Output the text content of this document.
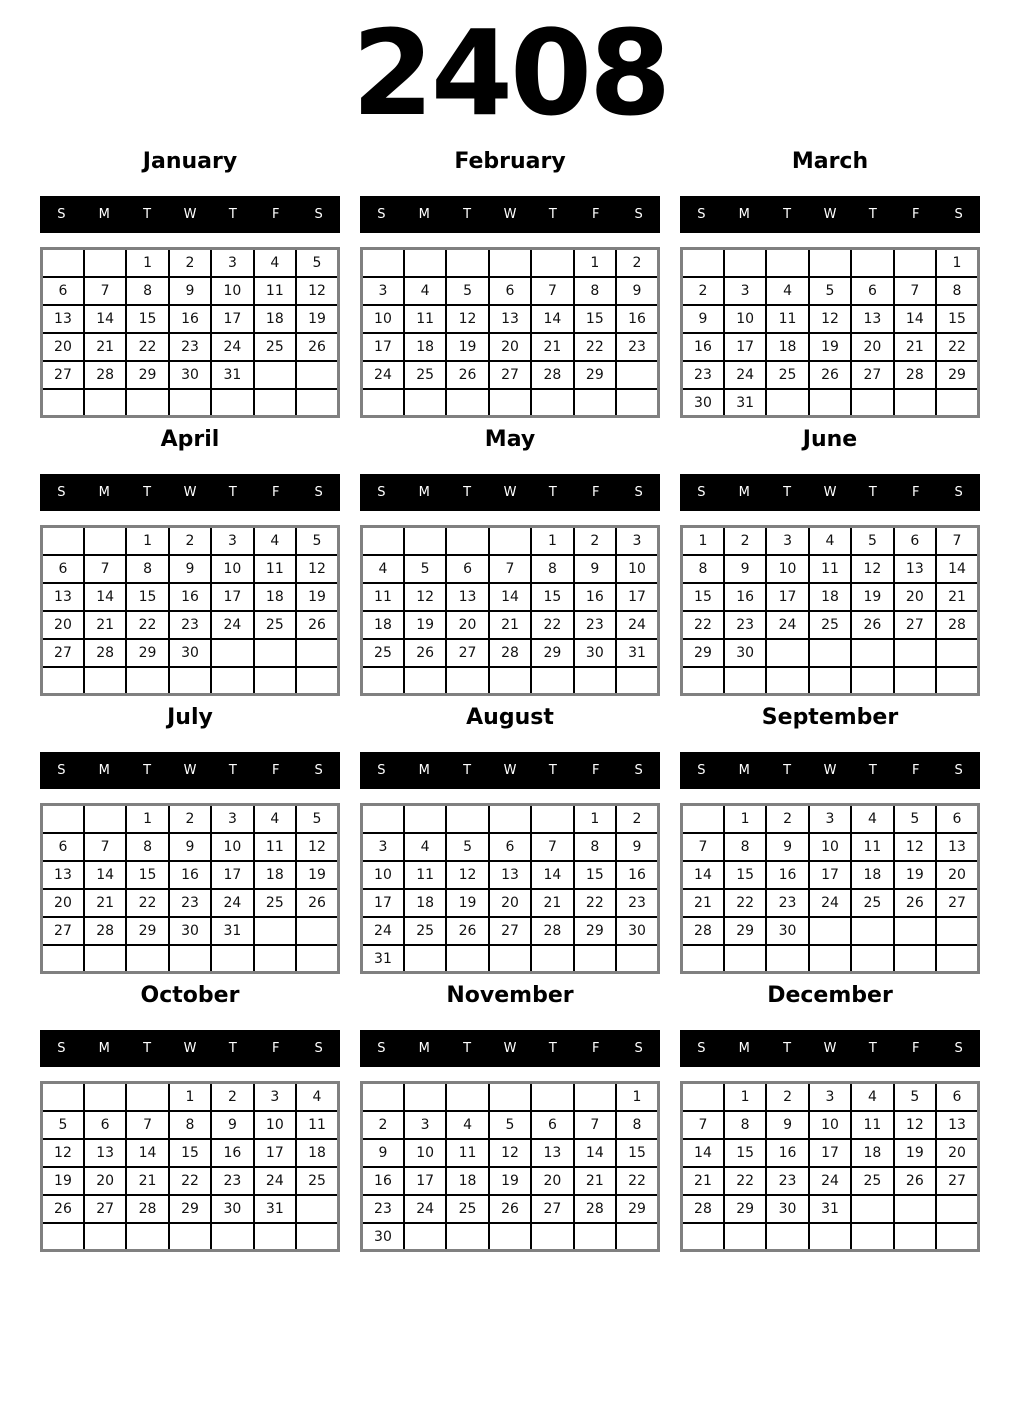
2408
January
S	M	T	W	T	F	S
		1	2	3	4	5
6	7	8	9	10	11	12
13	14	15	16	17	18	19
20	21	22	23	24	25	26
27	28	29	30	31		

February
S	M	T	W	T	F	S
					1	2
3	4	5	6	7	8	9
10	11	12	13	14	15	16
17	18	19	20	21	22	23
24	25	26	27	28	29	

March
S	M	T	W	T	F	S
						1
2	3	4	5	6	7	8
9	10	11	12	13	14	15
16	17	18	19	20	21	22
23	24	25	26	27	28	29
30	31					
April
S	M	T	W	T	F	S
		1	2	3	4	5
6	7	8	9	10	11	12
13	14	15	16	17	18	19
20	21	22	23	24	25	26
27	28	29	30			

May
S	M	T	W	T	F	S
				1	2	3
4	5	6	7	8	9	10
11	12	13	14	15	16	17
18	19	20	21	22	23	24
25	26	27	28	29	30	31

June
S	M	T	W	T	F	S
1	2	3	4	5	6	7
8	9	10	11	12	13	14
15	16	17	18	19	20	21
22	23	24	25	26	27	28
29	30					

July
S	M	T	W	T	F	S
		1	2	3	4	5
6	7	8	9	10	11	12
13	14	15	16	17	18	19
20	21	22	23	24	25	26
27	28	29	30	31		

August
S	M	T	W	T	F	S
					1	2
3	4	5	6	7	8	9
10	11	12	13	14	15	16
17	18	19	20	21	22	23
24	25	26	27	28	29	30
31						
September
S	M	T	W	T	F	S
	1	2	3	4	5	6
7	8	9	10	11	12	13
14	15	16	17	18	19	20
21	22	23	24	25	26	27
28	29	30				

October
S	M	T	W	T	F	S
			1	2	3	4
5	6	7	8	9	10	11
12	13	14	15	16	17	18
19	20	21	22	23	24	25
26	27	28	29	30	31	

November
S	M	T	W	T	F	S
						1
2	3	4	5	6	7	8
9	10	11	12	13	14	15
16	17	18	19	20	21	22
23	24	25	26	27	28	29
30						
December
S	M	T	W	T	F	S
	1	2	3	4	5	6
7	8	9	10	11	12	13
14	15	16	17	18	19	20
21	22	23	24	25	26	27
28	29	30	31			
